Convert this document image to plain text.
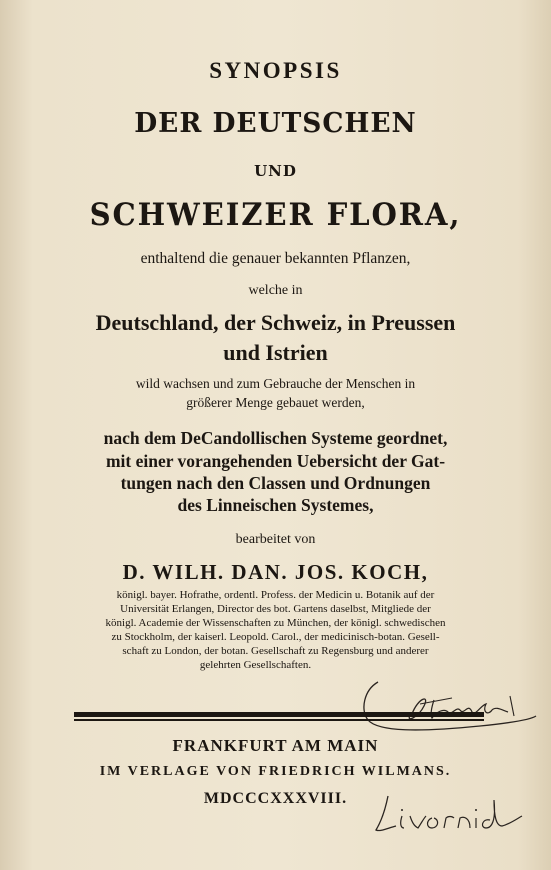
SYNOPSIS
DER DEUTSCHEN
UND
SCHWEIZER FLORA,
enthaltend die genauer bekannten Pflanzen,
welche in
Deutschland, der Schweiz, in Preussen
und Istrien
wild wachsen und zum Gebrauche der Menschen in
größerer Menge gebauet werden,
nach dem DeCandollischen Systeme geordnet,
mit einer vorangehenden Uebersicht der Gat-
tungen nach den Classen und Ordnungen
des Linneischen Systemes,
bearbeitet von
D. WILH. DAN. JOS. KOCH,
königl. bayer. Hofrathe, ordentl. Profess. der Medicin u. Botanik auf der
Universität Erlangen, Director des bot. Gartens daselbst, Mitgliede der
königl. Academie der Wissenschaften zu München, der königl. schwedischen
zu Stockholm, der kaiserl. Leopold. Carol., der medicinisch-botan. Gesell-
schaft zu London, der botan. Gesellschaft zu Regensburg und anderer
gelehrten Gesellschaften.
FRANKFURT AM MAIN
IM VERLAGE VON FRIEDRICH WILMANS.
MDCCCXXXVIII.
